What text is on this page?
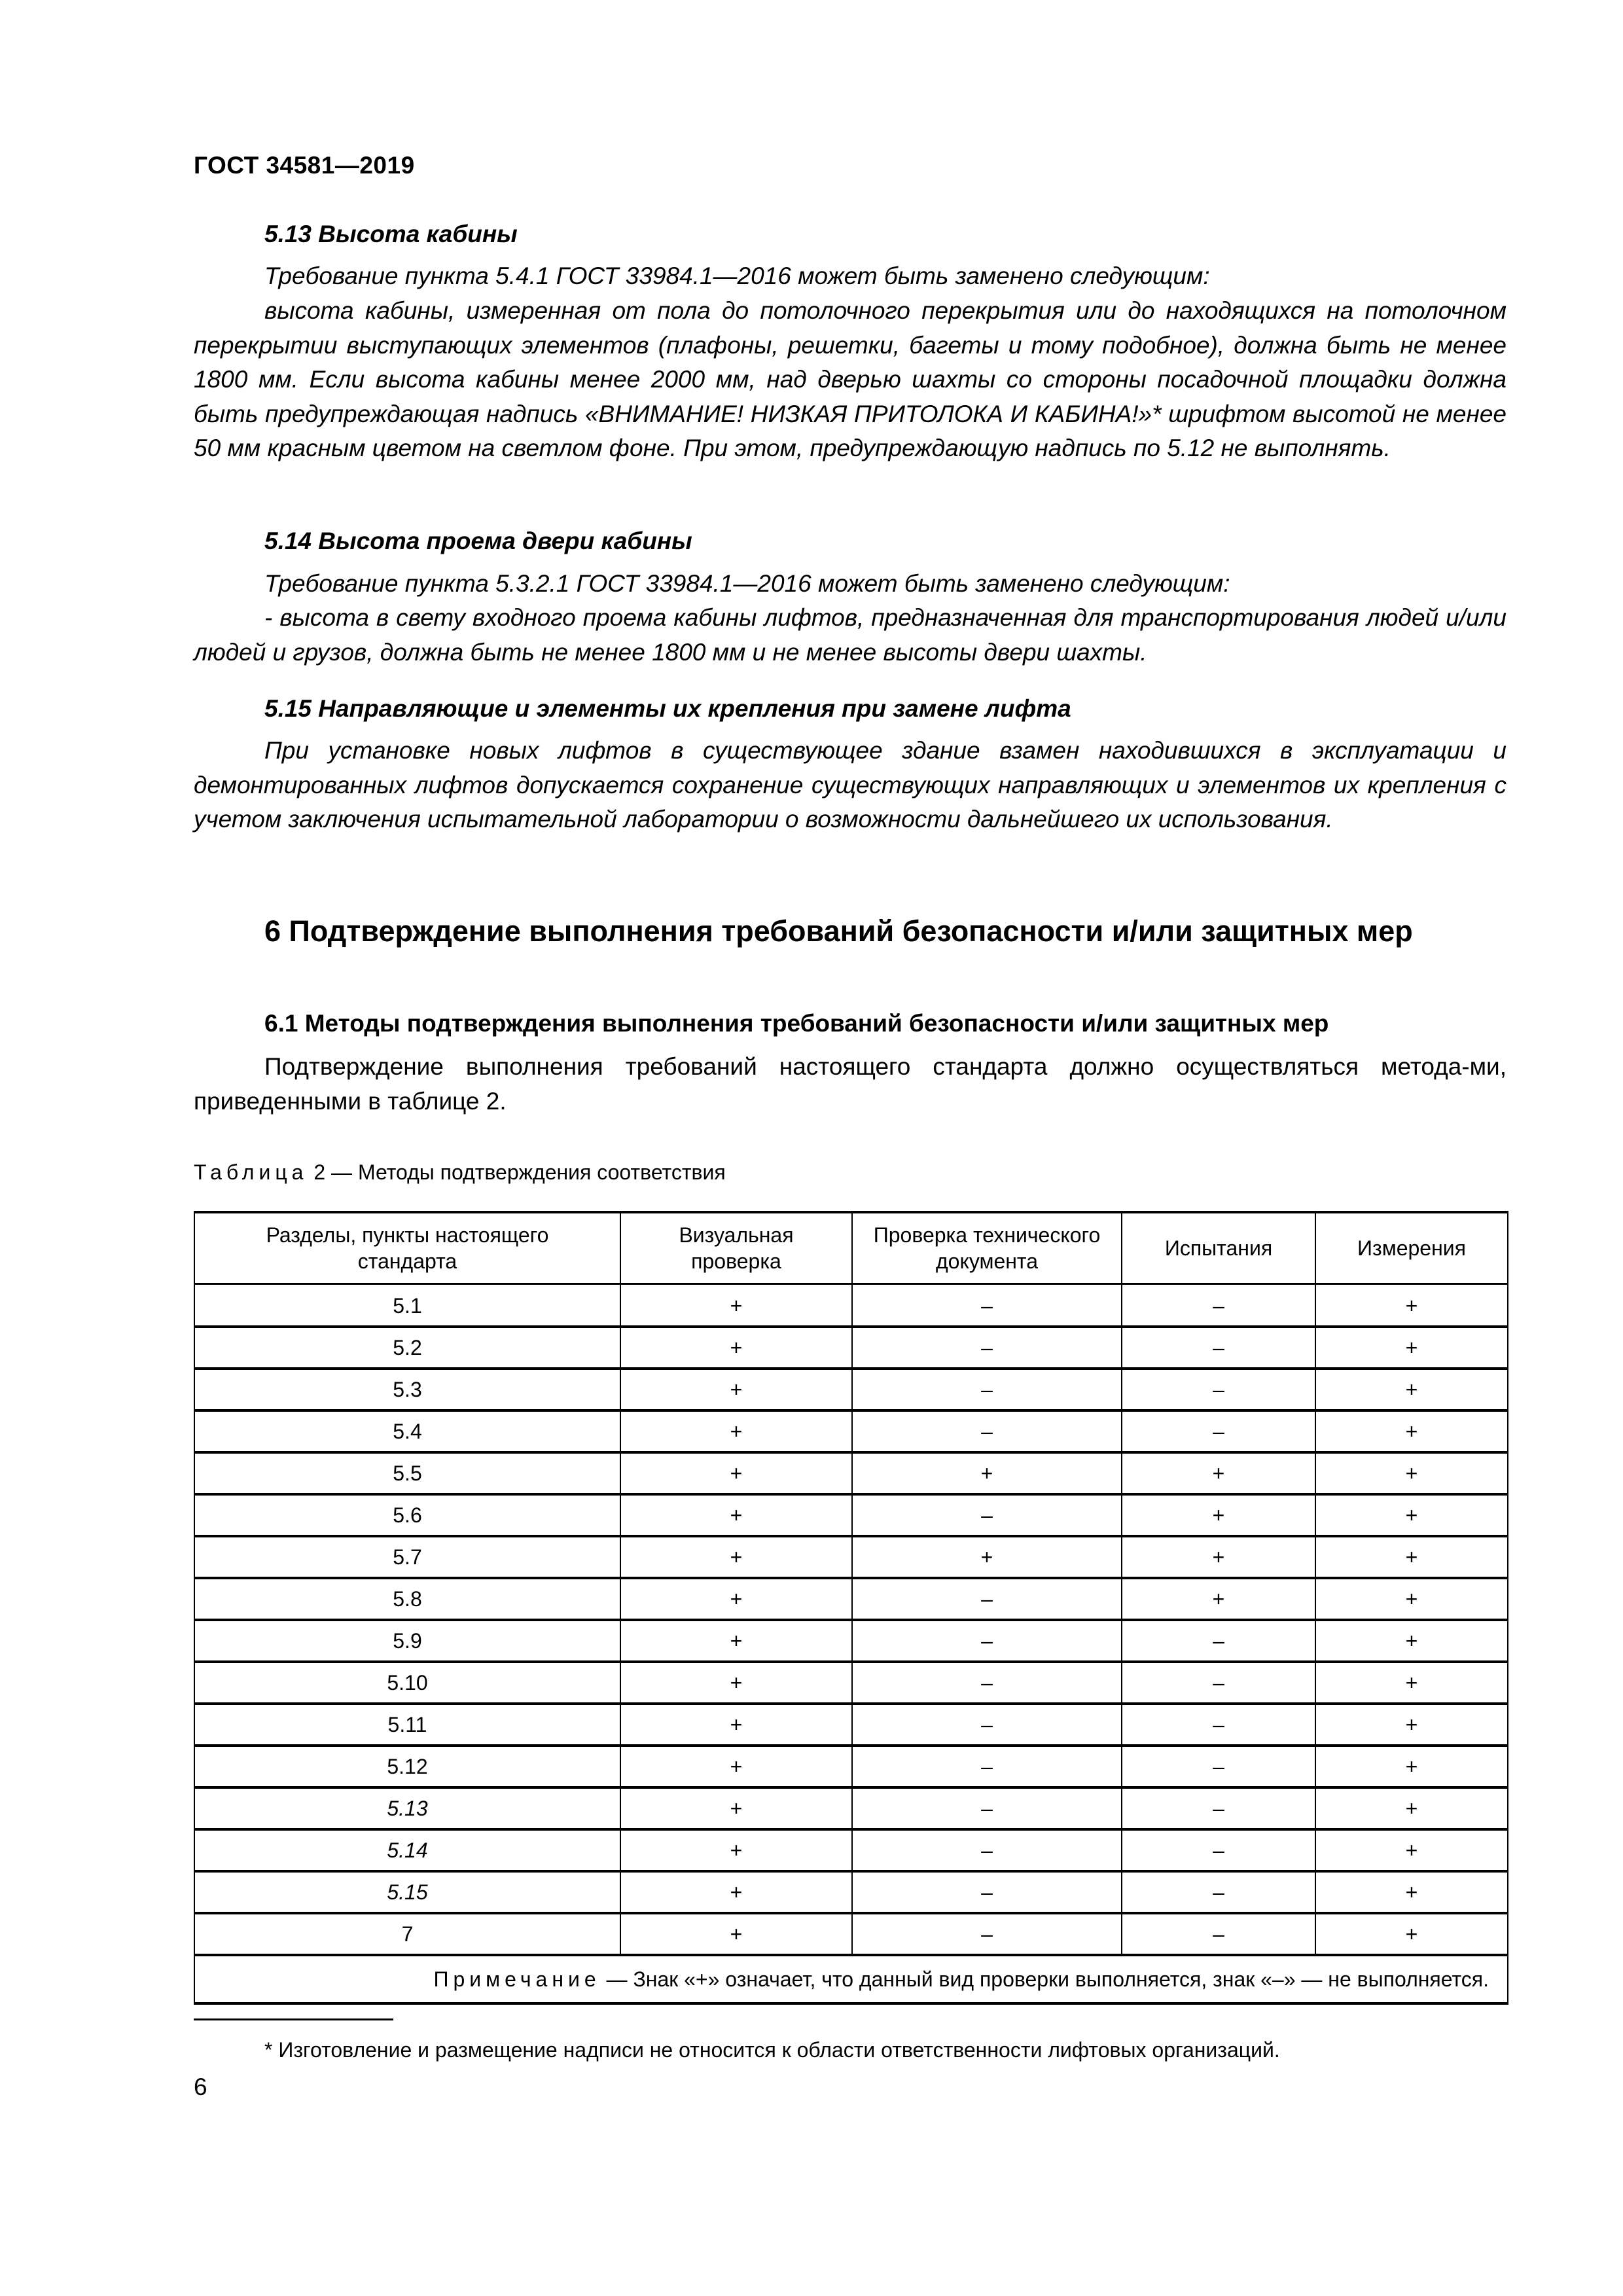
ГОСТ 34581—2019
5.13 Высота кабины
Требование пункта 5.4.1 ГОСТ 33984.1—2016 может быть заменено следующим:
высота кабины, измеренная от пола до потолочного перекрытия или до находящихся на потолочном перекрытии выступающих элементов (плафоны, решетки, багеты и тому подобное), должна быть не менее 1800 мм. Если высота кабины менее 2000 мм, над дверью шахты со стороны посадочной площадки должна быть предупреждающая надпись «ВНИМАНИЕ! НИЗКАЯ ПРИТОЛОКА И КАБИНА!»* шрифтом высотой не менее 50 мм красным цветом на светлом фоне. При этом, предупреждающую надпись по 5.12 не выполнять.
5.14 Высота проема двери кабины
Требование пункта 5.3.2.1 ГОСТ 33984.1—2016 может быть заменено следующим:
- высота в свету входного проема кабины лифтов, предназначенная для транспортирования людей и/или людей и грузов, должна быть не менее 1800 мм и не менее высоты двери шахты.
5.15 Направляющие и элементы их крепления при замене лифта
При установке новых лифтов в существующее здание взамен находившихся в эксплуатации и демонтированных лифтов допускается сохранение существующих направляющих и элементов их крепления с учетом заключения испытательной лаборатории о возможности дальнейшего их использования.
6 Подтверждение выполнения требований безопасности и/или защитных мер
6.1 Методы подтверждения выполнения требований безопасности и/или защитных мер
Подтверждение выполнения требований настоящего стандарта должно осуществляться метода-ми, приведенными в таблице 2.
Таблица 2 — Методы подтверждения соответствия
Разделы, пункты настоящего стандарта	Визуальная проверка	Проверка технического документа	Испытания	Измерения

5.1	+	–	–	+
5.2	+	–	–	+
5.3	+	–	–	+
5.4	+	–	–	+
5.5	+	+	+	+
5.6	+	–	+	+
5.7	+	+	+	+
5.8	+	–	+	+
5.9	+	–	–	+
5.10	+	–	–	+
5.11	+	–	–	+
5.12	+	–	–	+
5.13	+	–	–	+
5.14	+	–	–	+
5.15	+	–	–	+
7	+	–	–	+
Примечание — Знак «+» означает, что данный вид проверки выполняется, знак «–» — не выполняется.				
* Изготовление и размещение надписи не относится к области ответственности лифтовых организаций.
6
